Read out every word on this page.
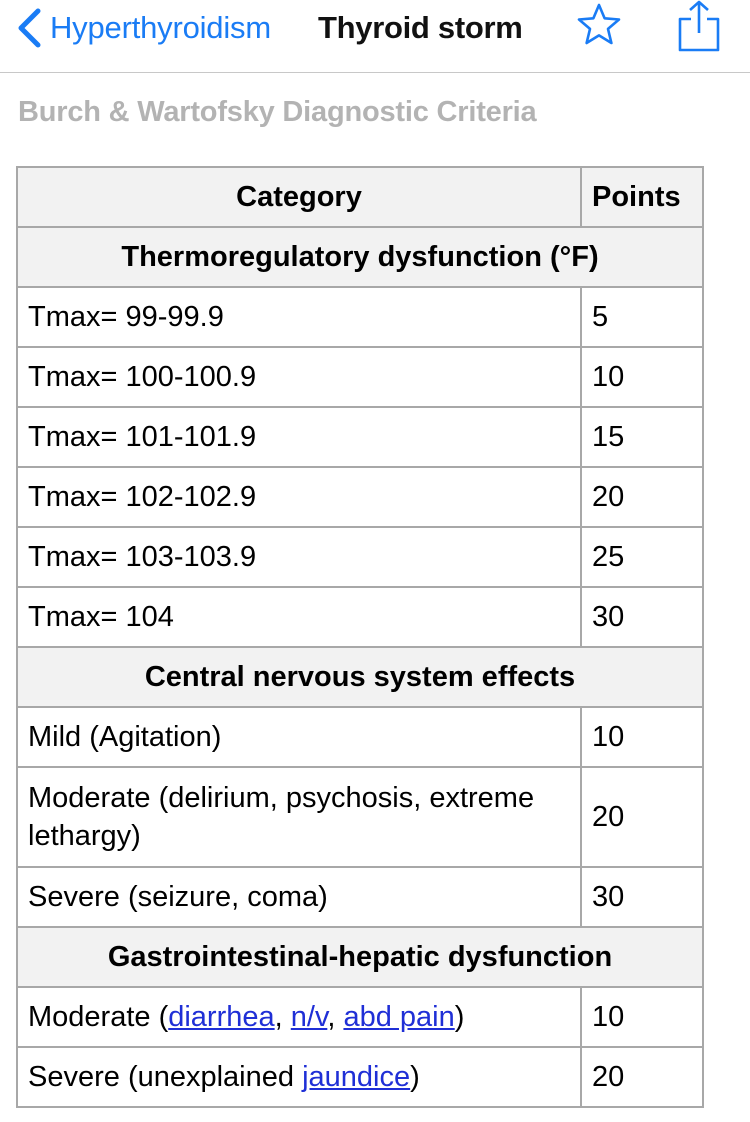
Hyperthyroidism Thyroid storm
Burch & Wartofsky Diagnostic Criteria
Category	Points
Thermoregulatory dysfunction (°F)	
Tmax= 99-99.9	5
Tmax= 100-100.9	10
Tmax= 101-101.9	15
Tmax= 102-102.9	20
Tmax= 103-103.9	25
Tmax= 104	30
Central nervous system effects	
Mild (Agitation)	10
Moderate (delirium, psychosis, extreme lethargy)	20
Severe (seizure, coma)	30
Gastrointestinal-hepatic dysfunction	
Moderate (diarrhea, n/v, abd pain)	10
Severe (unexplained jaundice)	20
